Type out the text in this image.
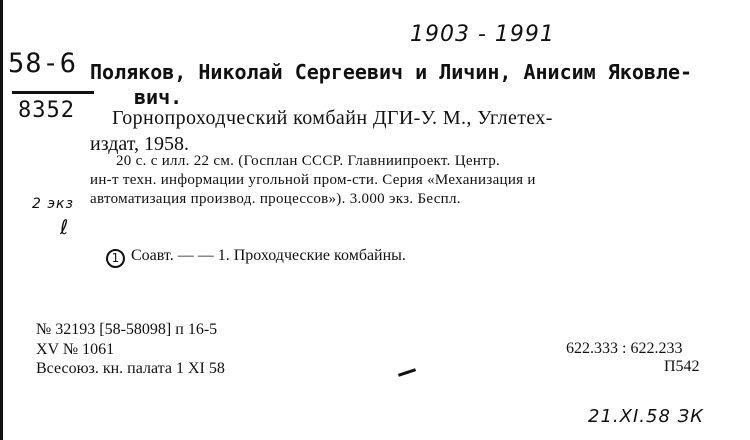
1903 - 1991
58-6
8352
Поляков, Николай Сергеевич и Личин, Анисим Яковле-
вич.
Горнопроходческий комбайн ДГИ-У. М., Углетех-
издат, 1958.
20 с. с илл. 22 см. (Госплан СССР. Главниипроект. Центр.
ин-т техн. информации угольной пром-сти. Серия «Механизация и
автоматизация производ. процессов»). 3.000 экз. Беспл.
2 экз
ℓ
1 Соавт. — — 1. Проходческие комбайны.
№ 32193 [58-58098] п 16-5
XV № 1061
Всесоюз. кн. палата 1 XI 58
622.333 : 622.233
П542
21.XI.58 ЗК
